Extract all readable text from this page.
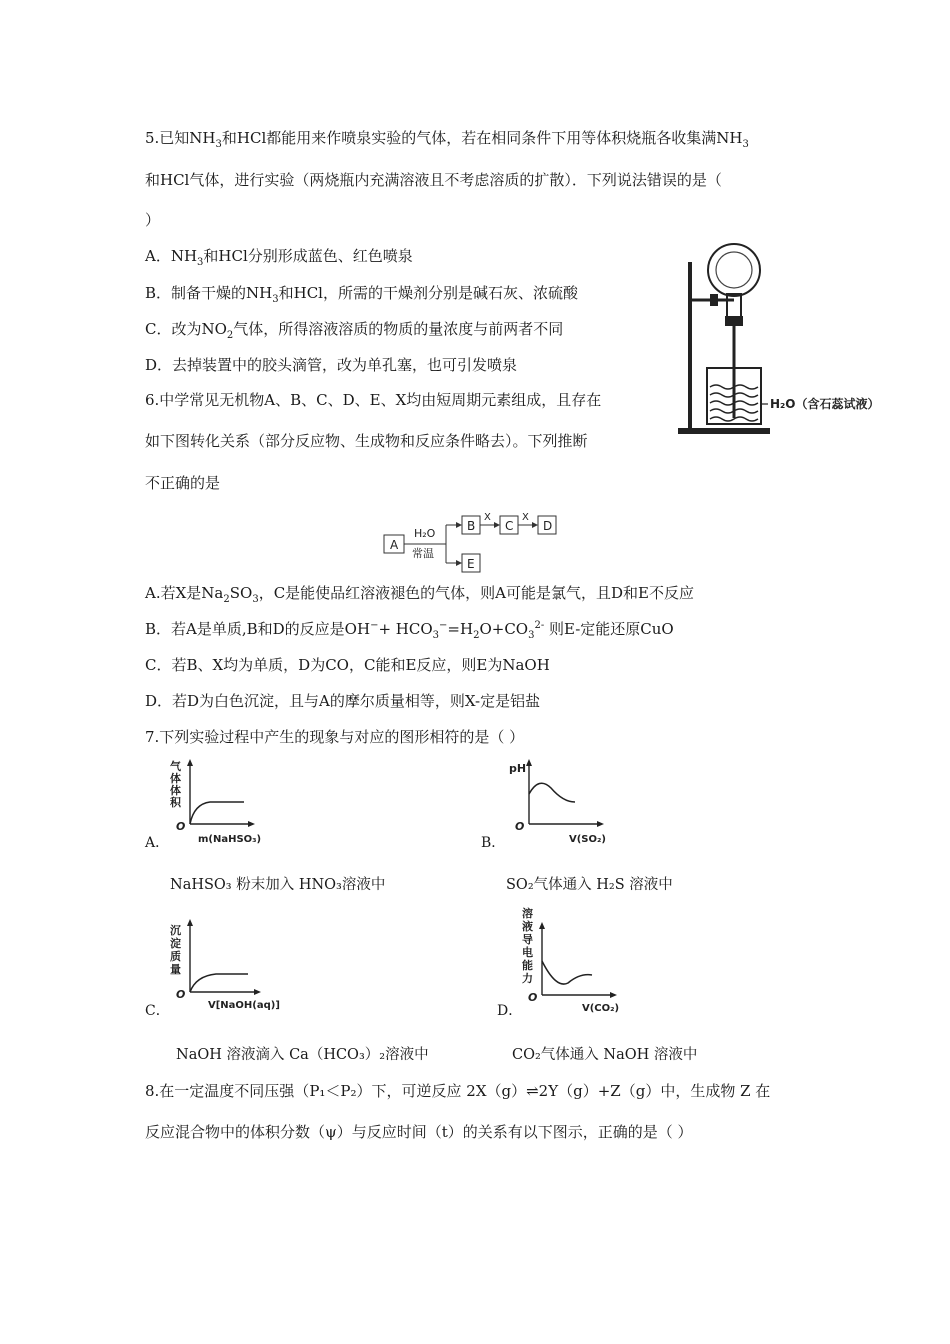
5.已知$NH_3$和HCl都能用来作喷泉实验的气体，若在相同条件下用等体积烧瓶各收集满$NH_3$
和HCl气体，进行实验（两烧瓶内充满溶液且不考虑溶质的扩散）．下列说法错误的是（
）
A．$NH_3$和HCl分别形成蓝色、红色喷泉
B．制备干燥的$NH_3$和HCl，所需的干燥剂分别是碱石灰、浓硫酸
C．改为$NO_2$气体，所得溶液溶质的物质的量浓度与前两者不同
D．去掉装置中的胶头滴管，改为单孔塞，也可引发喷泉
H₂O（含石蕊试液）
6.中学常见无机物A、B、C、D、E、X均由短周期元素组成，且存在
如下图转化关系（部分反应物、生成物和反应条件略去）。下列推断
不正确的是
A
H₂O
常温
B
E
X
C
X
D
A.若X是$Na_2SO_3$，C是能使品红溶液褪色的气体，则A可能是氯气，且D和E不反应
B．若A是单质,B和D的反应是$OH^-+ HCO_3^-=H_2O+CO_3^{2-}$ 则E-定能还原CuO
C．若B、X均为单质，D为CO，C能和E反应，则E为NaOH
D．若D为白色沉淀，且与A的摩尔质量相等，则X-定是铝盐
7.下列实验过程中产生的现象与对应的图形相符的是（ ）
气体体积
O
m(NaHSO₃)
A．
NaHSO₃ 粉末加入 HNO₃溶液中
pH
O
V(SO₂)
B．
SO₂气体通入 H₂S 溶液中
沉淀质量
O
V[NaOH(aq)]
C．
NaOH 溶液滴入 Ca（HCO₃）₂溶液中
溶液导电能力
O
V(CO₂)
D．
CO₂气体通入 NaOH 溶液中
8.在一定温度不同压强（P₁＜P₂）下，可逆反应 2X（g）⇌2Y（g）+Z（g）中，生成物 Z 在
反应混合物中的体积分数（ψ）与反应时间（t）的关系有以下图示，正确的是（ ）
